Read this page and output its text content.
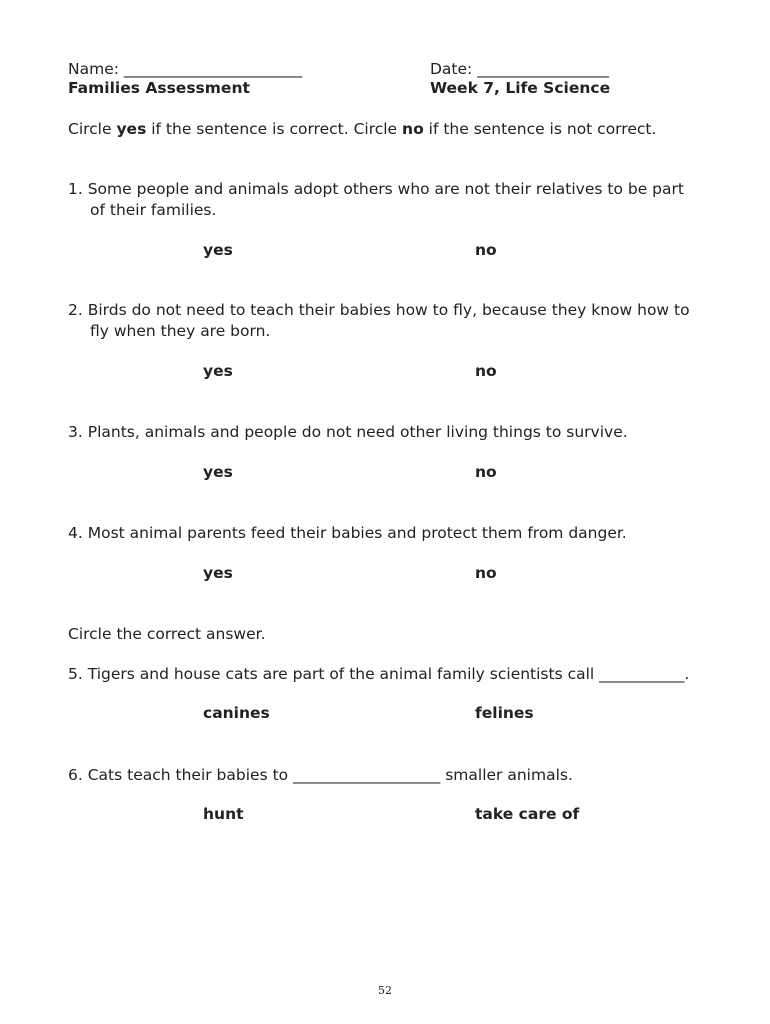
Name: _______________________	Date: _________________
Families Assessment	Week 7, Life Science
Circle yes if the sentence is correct. Circle no if the sentence is not correct.
1. Some people and animals adopt others who are not their relatives to be part
of their families.
yes	no
2. Birds do not need to teach their babies how to fly, because they know how to
fly when they are born.
yes	no
3. Plants, animals and people do not need other living things to survive.
yes	no
4. Most animal parents feed their babies and protect them from danger.
yes	no
Circle the correct answer.
5. Tigers and house cats are part of the animal family scientists call ___________.
canines	felines
6. Cats teach their babies to ___________________ smaller animals.
hunt	take care of
52
